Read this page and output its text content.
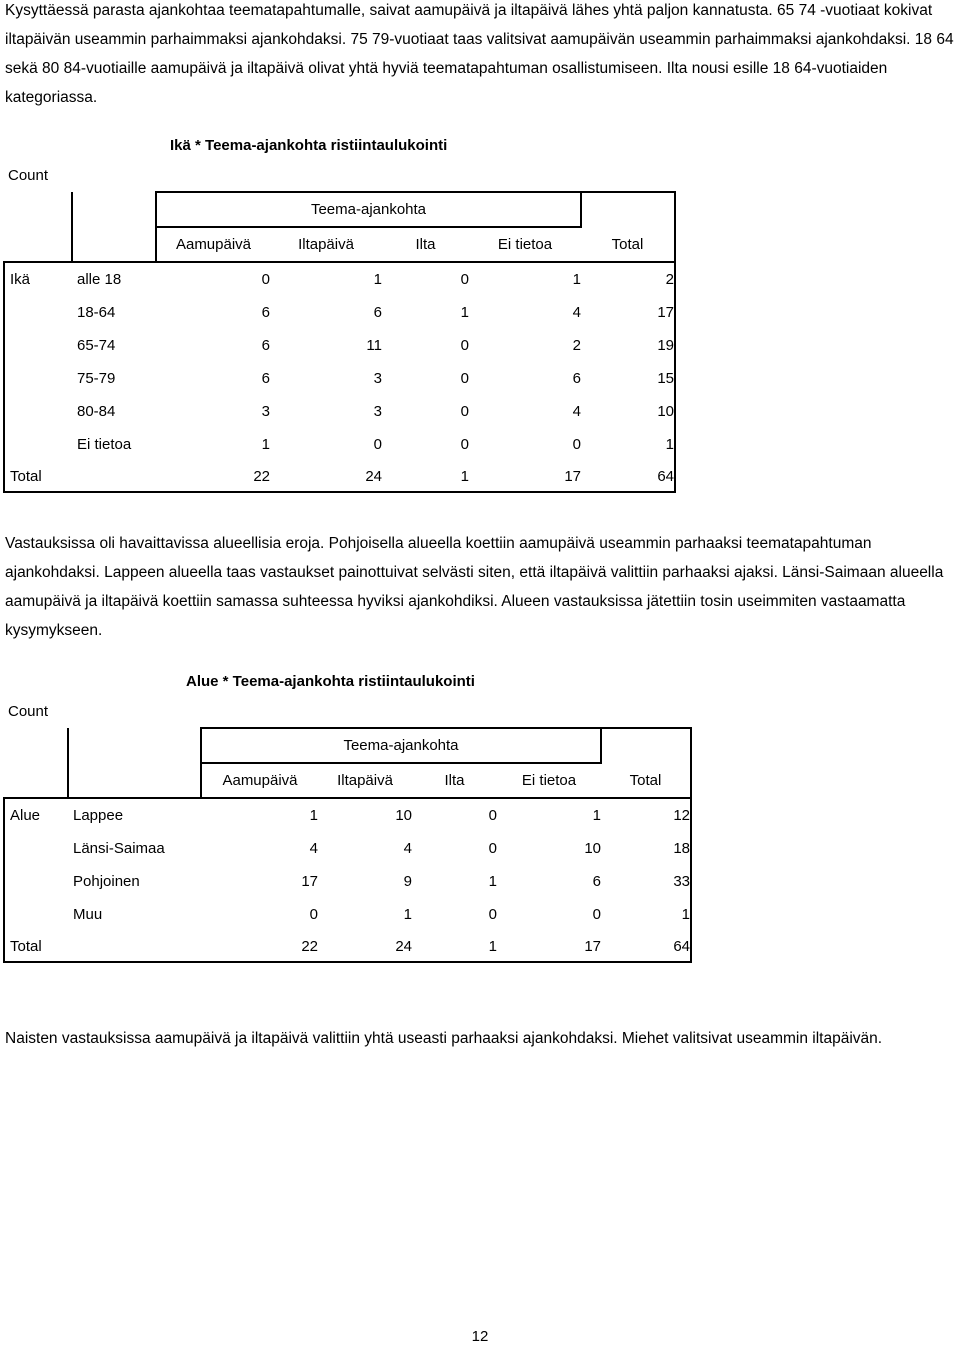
Kysyttäessä parasta ajankohtaa teematapahtumalle, saivat aamupäivä ja iltapäivä lähes yhtä paljon kannatusta. 65 74 -vuotiaat kokivat iltapäivän useammin parhaimmaksi ajankohdaksi. 75 79-vuotiaat taas valitsivat aamupäivän useammin parhaimmaksi ajankohdaksi. 18 64 sekä 80 84-vuotiaille aamupäivä ja iltapäivä olivat yhtä hyviä teematapahtuman osallistumiseen. Ilta nousi esille 18 64-vuotiaiden kategoriassa.

Ikä * Teema-ajankohta ristiintaulukointi
Count
		Teema-ajankohta				
		Aamupäivä	Iltapäivä	Ilta	Ei tietoa	Total
Ikä	alle 18	0	1	0	1	2
	18-64	6	6	1	4	17
	65-74	6	11	0	2	19
	75-79	6	3	0	6	15
	80-84	3	3	0	4	10
	Ei tietoa	1	0	0	0	1
Total		22	24	1	17	64

Vastauksissa oli havaittavissa alueellisia eroja. Pohjoisella alueella koettiin aamupäivä useammin parhaaksi teematapahtuman ajankohdaksi. Lappeen alueella taas vastaukset painottuivat selvästi siten, että iltapäivä valittiin parhaaksi ajaksi. Länsi-Saimaan alueella aamupäivä ja iltapäivä koettiin samassa suhteessa hyviksi ajankohdiksi. Alueen vastauksissa jätettiin tosin useimmiten vastaamatta kysymykseen.

Alue * Teema-ajankohta ristiintaulukointi
Count
		Teema-ajankohta				
		Aamupäivä	Iltapäivä	Ilta	Ei tietoa	Total
Alue	Lappee	1	10	0	1	12
	Länsi-Saimaa	4	4	0	10	18
	Pohjoinen	17	9	1	6	33
	Muu	0	1	0	0	1
Total		22	24	1	17	64

Naisten vastauksissa aamupäivä ja iltapäivä valittiin yhtä useasti parhaaksi ajankohdaksi. Miehet valitsivat useammin iltapäivän.

12
